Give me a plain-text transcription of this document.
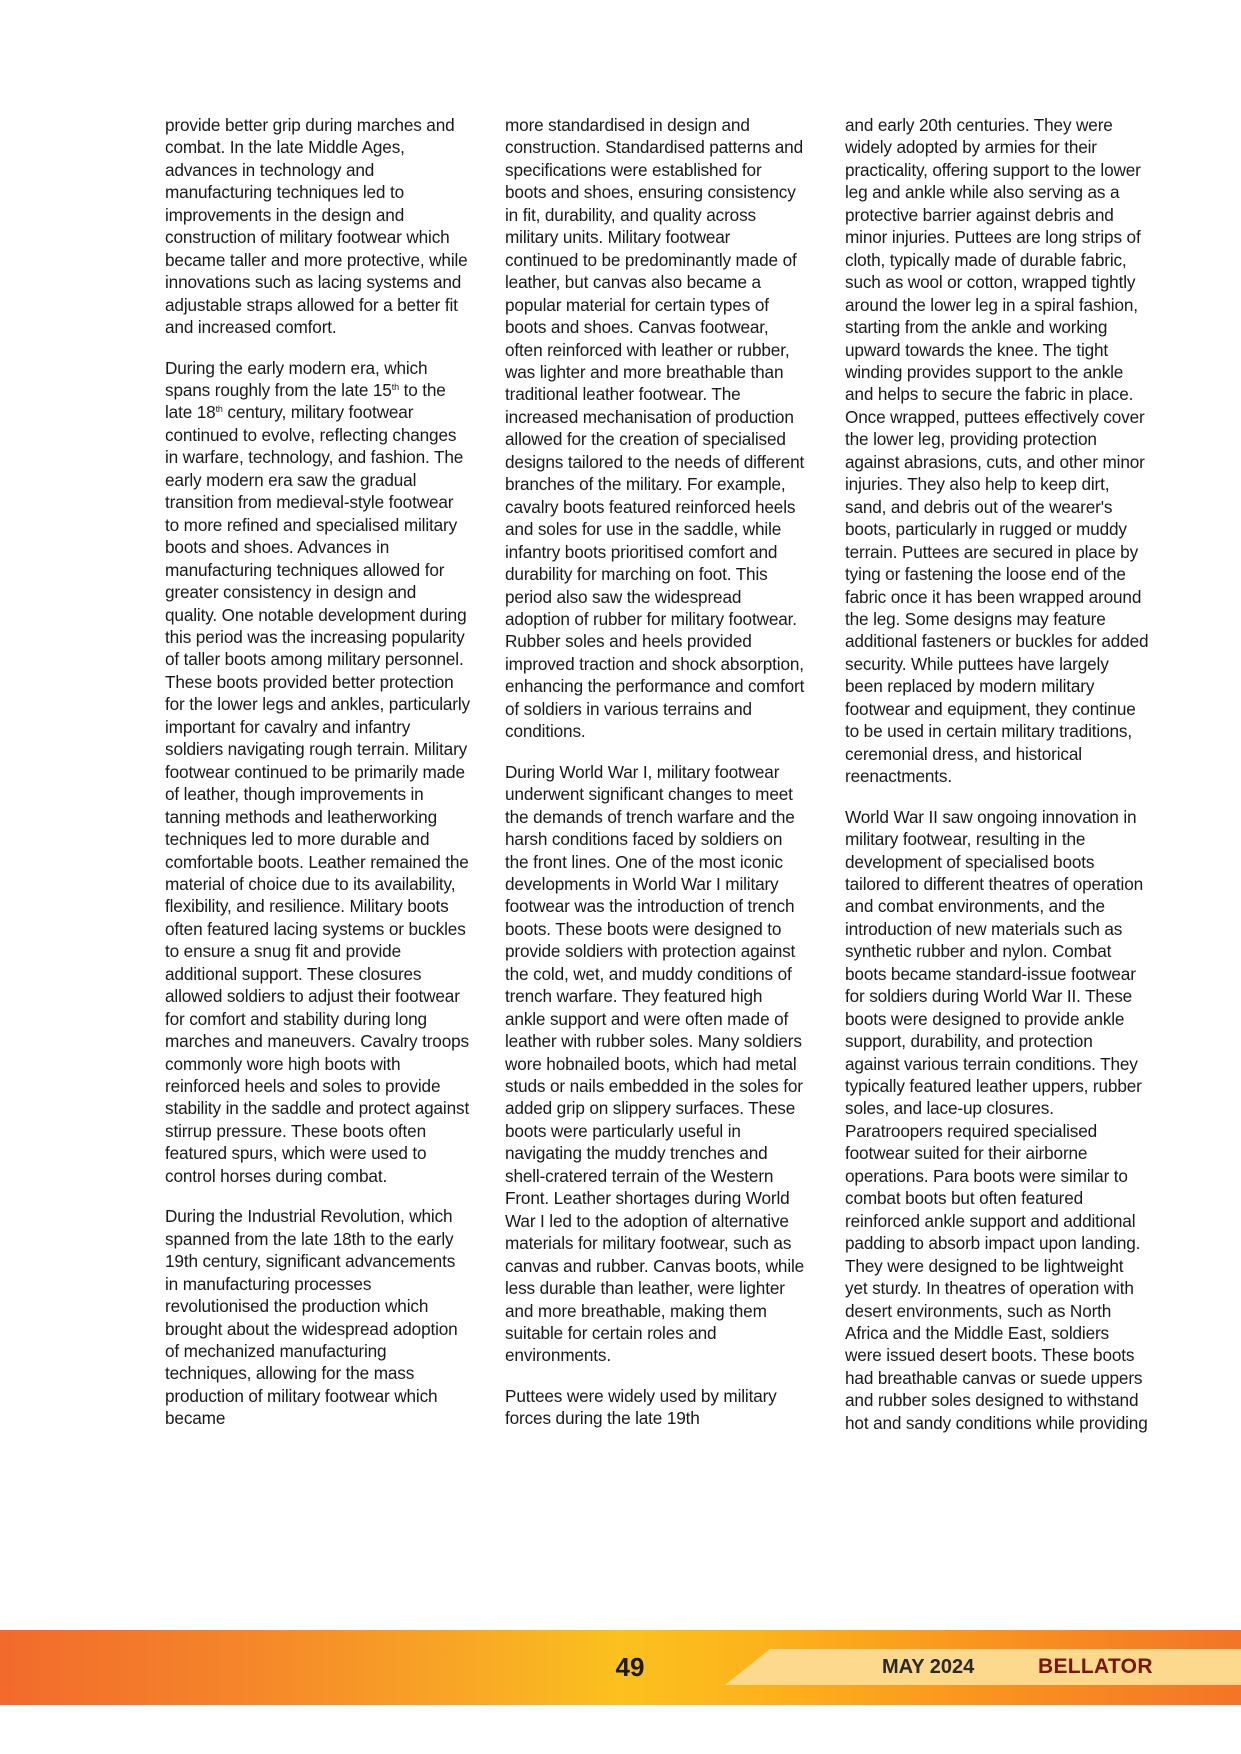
provide better grip during marches and combat. In the late Middle Ages, advances in technology and manufacturing techniques led to improvements in the design and construction of military footwear which became taller and more protective, while innovations such as lacing systems and adjustable straps allowed for a better fit and increased comfort.

During the early modern era, which spans roughly from the late 15th to the late 18th century, military footwear continued to evolve, reflecting changes in warfare, technology, and fashion. The early modern era saw the gradual transition from medieval-style footwear to more refined and specialised military boots and shoes. Advances in manufacturing techniques allowed for greater consistency in design and quality. One notable development during this period was the increasing popularity of taller boots among military personnel. These boots provided better protection for the lower legs and ankles, particularly important for cavalry and infantry soldiers navigating rough terrain. Military footwear continued to be primarily made of leather, though improvements in tanning methods and leatherworking techniques led to more durable and comfortable boots. Leather remained the material of choice due to its availability, flexibility, and resilience. Military boots often featured lacing systems or buckles to ensure a snug fit and provide additional support. These closures allowed soldiers to adjust their footwear for comfort and stability during long marches and maneuvers. Cavalry troops commonly wore high boots with reinforced heels and soles to provide stability in the saddle and protect against stirrup pressure. These boots often featured spurs, which were used to control horses during combat.

During the Industrial Revolution, which spanned from the late 18th to the early 19th century, significant advancements in manufacturing processes revolutionised the production which brought about the widespread adoption of mechanized manufacturing techniques, allowing for the mass production of military footwear which became

more standardised in design and construction. Standardised patterns and specifications were established for boots and shoes, ensuring consistency in fit, durability, and quality across military units. Military footwear continued to be predominantly made of leather, but canvas also became a popular material for certain types of boots and shoes. Canvas footwear, often reinforced with leather or rubber, was lighter and more breathable than traditional leather footwear. The increased mechanisation of production allowed for the creation of specialised designs tailored to the needs of different branches of the military. For example, cavalry boots featured reinforced heels and soles for use in the saddle, while infantry boots prioritised comfort and durability for marching on foot. This period also saw the widespread adoption of rubber for military footwear. Rubber soles and heels provided improved traction and shock absorption, enhancing the performance and comfort of soldiers in various terrains and conditions.

During World War I, military footwear underwent significant changes to meet the demands of trench warfare and the harsh conditions faced by soldiers on the front lines. One of the most iconic developments in World War I military footwear was the introduction of trench boots. These boots were designed to provide soldiers with protection against the cold, wet, and muddy conditions of trench warfare. They featured high ankle support and were often made of leather with rubber soles. Many soldiers wore hobnailed boots, which had metal studs or nails embedded in the soles for added grip on slippery surfaces. These boots were particularly useful in navigating the muddy trenches and shell-cratered terrain of the Western Front. Leather shortages during World War I led to the adoption of alternative materials for military footwear, such as canvas and rubber. Canvas boots, while less durable than leather, were lighter and more breathable, making them suitable for certain roles and environments.

Puttees were widely used by military forces during the late 19th

and early 20th centuries. They were widely adopted by armies for their practicality, offering support to the lower leg and ankle while also serving as a protective barrier against debris and minor injuries. Puttees are long strips of cloth, typically made of durable fabric, such as wool or cotton, wrapped tightly around the lower leg in a spiral fashion, starting from the ankle and working upward towards the knee. The tight winding provides support to the ankle and helps to secure the fabric in place. Once wrapped, puttees effectively cover the lower leg, providing protection against abrasions, cuts, and other minor injuries. They also help to keep dirt, sand, and debris out of the wearer's boots, particularly in rugged or muddy terrain. Puttees are secured in place by tying or fastening the loose end of the fabric once it has been wrapped around the leg. Some designs may feature additional fasteners or buckles for added security. While puttees have largely been replaced by modern military footwear and equipment, they continue to be used in certain military traditions, ceremonial dress, and historical reenactments.

World War II saw ongoing innovation in military footwear, resulting in the development of specialised boots tailored to different theatres of operation and combat environments, and the introduction of new materials such as synthetic rubber and nylon. Combat boots became standard-issue footwear for soldiers during World War II. These boots were designed to provide ankle support, durability, and protection against various terrain conditions. They typically featured leather uppers, rubber soles, and lace-up closures. Paratroopers required specialised footwear suited for their airborne operations. Para boots were similar to combat boots but often featured reinforced ankle support and additional padding to absorb impact upon landing. They were designed to be lightweight yet sturdy. In theatres of operation with desert environments, such as North Africa and the Middle East, soldiers were issued desert boots. These boots had breathable canvas or suede uppers and rubber soles designed to withstand hot and sandy conditions while providing

49	MAY 2024	BELLATOR
